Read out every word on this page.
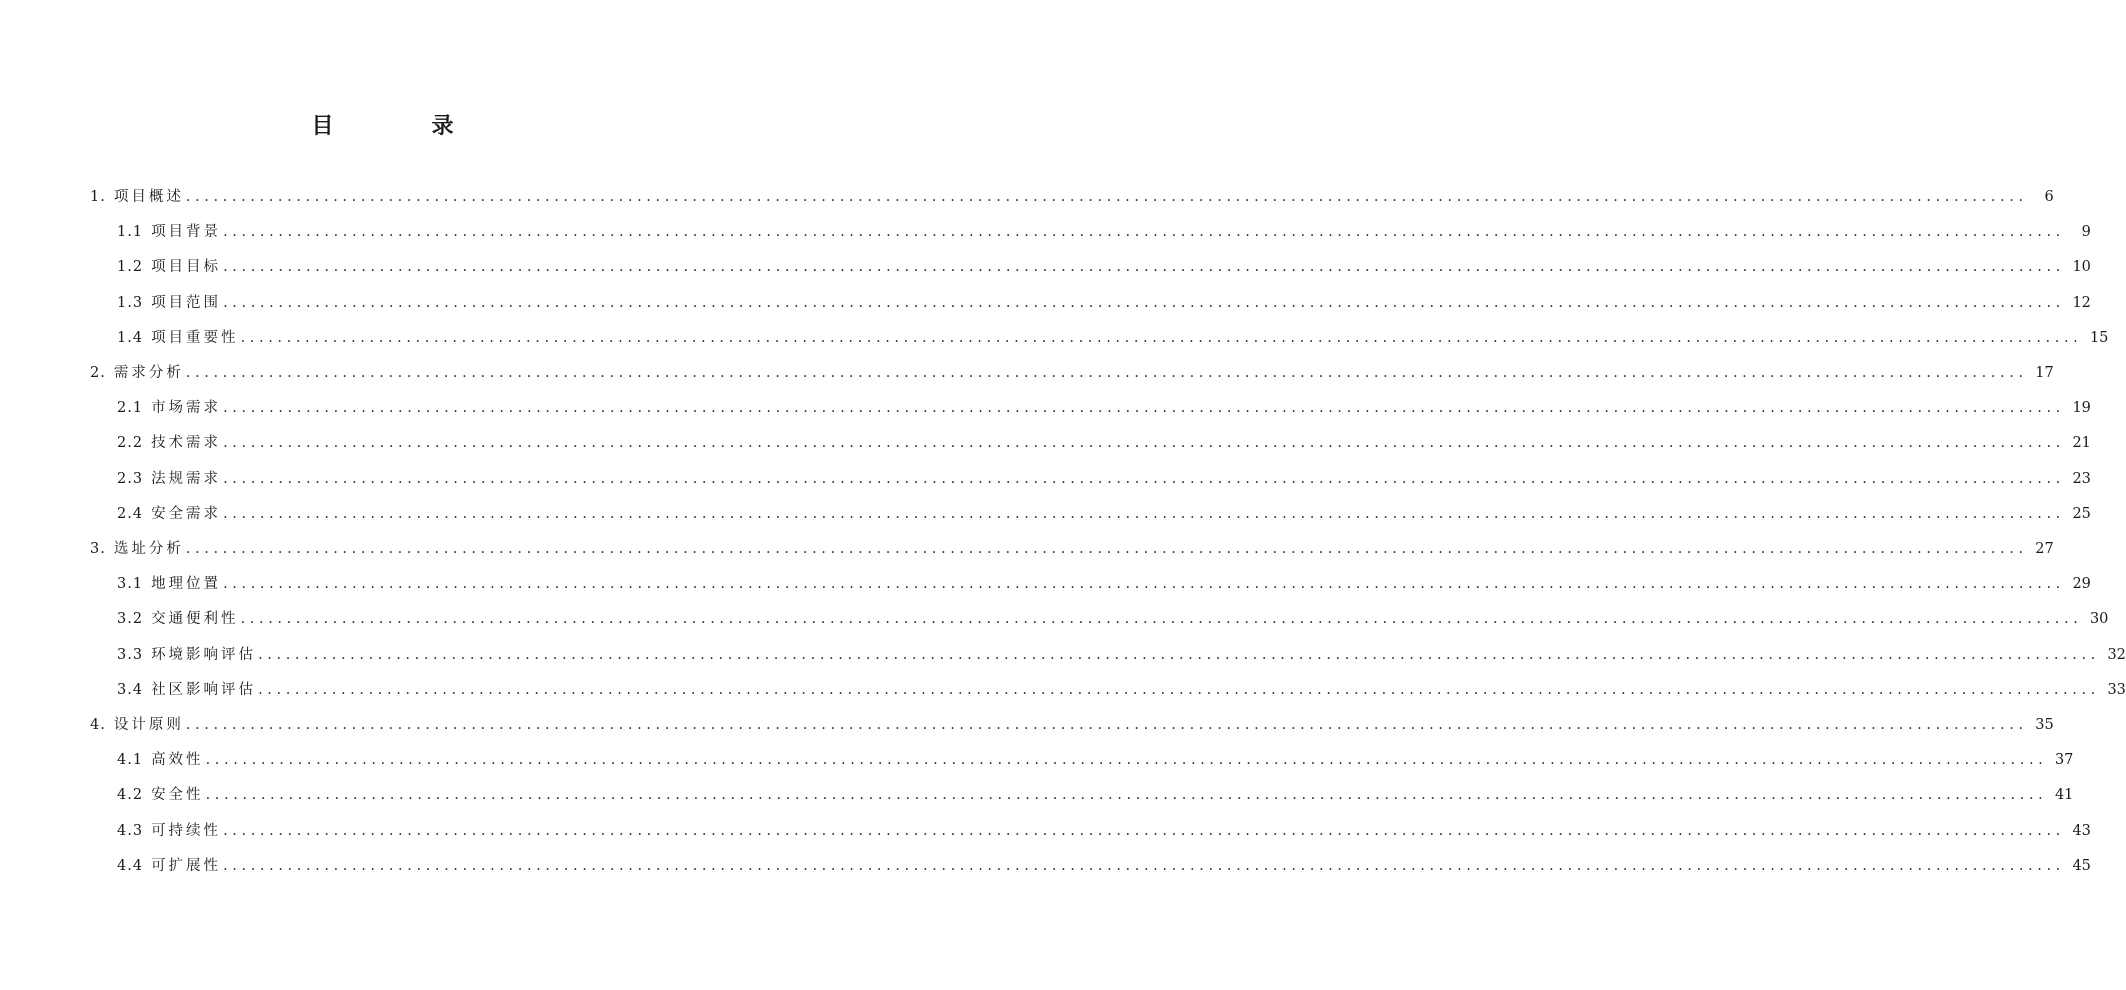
目　录
1. 项目概述 ........................................................................................................................................................................................................	6
1.1 项目背景 ........................................................................................................................................................................................................	9
1.2 项目目标 ........................................................................................................................................................................................................ 10
1.3 项目范围 ........................................................................................................................................................................................................ 12
1.4 项目重要性 ........................................................................................................................................................................................................ 15
2. 需求分析 ........................................................................................................................................................................................................ 17
2.1 市场需求 ........................................................................................................................................................................................................ 19
2.2 技术需求 ........................................................................................................................................................................................................ 21
2.3 法规需求 ........................................................................................................................................................................................................ 23
2.4 安全需求 ........................................................................................................................................................................................................ 25
3. 选址分析 ........................................................................................................................................................................................................ 27
3.1 地理位置 ........................................................................................................................................................................................................ 29
3.2 交通便利性 ........................................................................................................................................................................................................ 30
3.3 环境影响评估 ........................................................................................................................................................................................................ 32
3.4 社区影响评估 ........................................................................................................................................................................................................ 33
4. 设计原则 ........................................................................................................................................................................................................ 35
4.1 高效性 ........................................................................................................................................................................................................ 37
4.2 安全性 ........................................................................................................................................................................................................ 41
4.3 可持续性 ........................................................................................................................................................................................................ 43
4.4 可扩展性 ........................................................................................................................................................................................................ 45
